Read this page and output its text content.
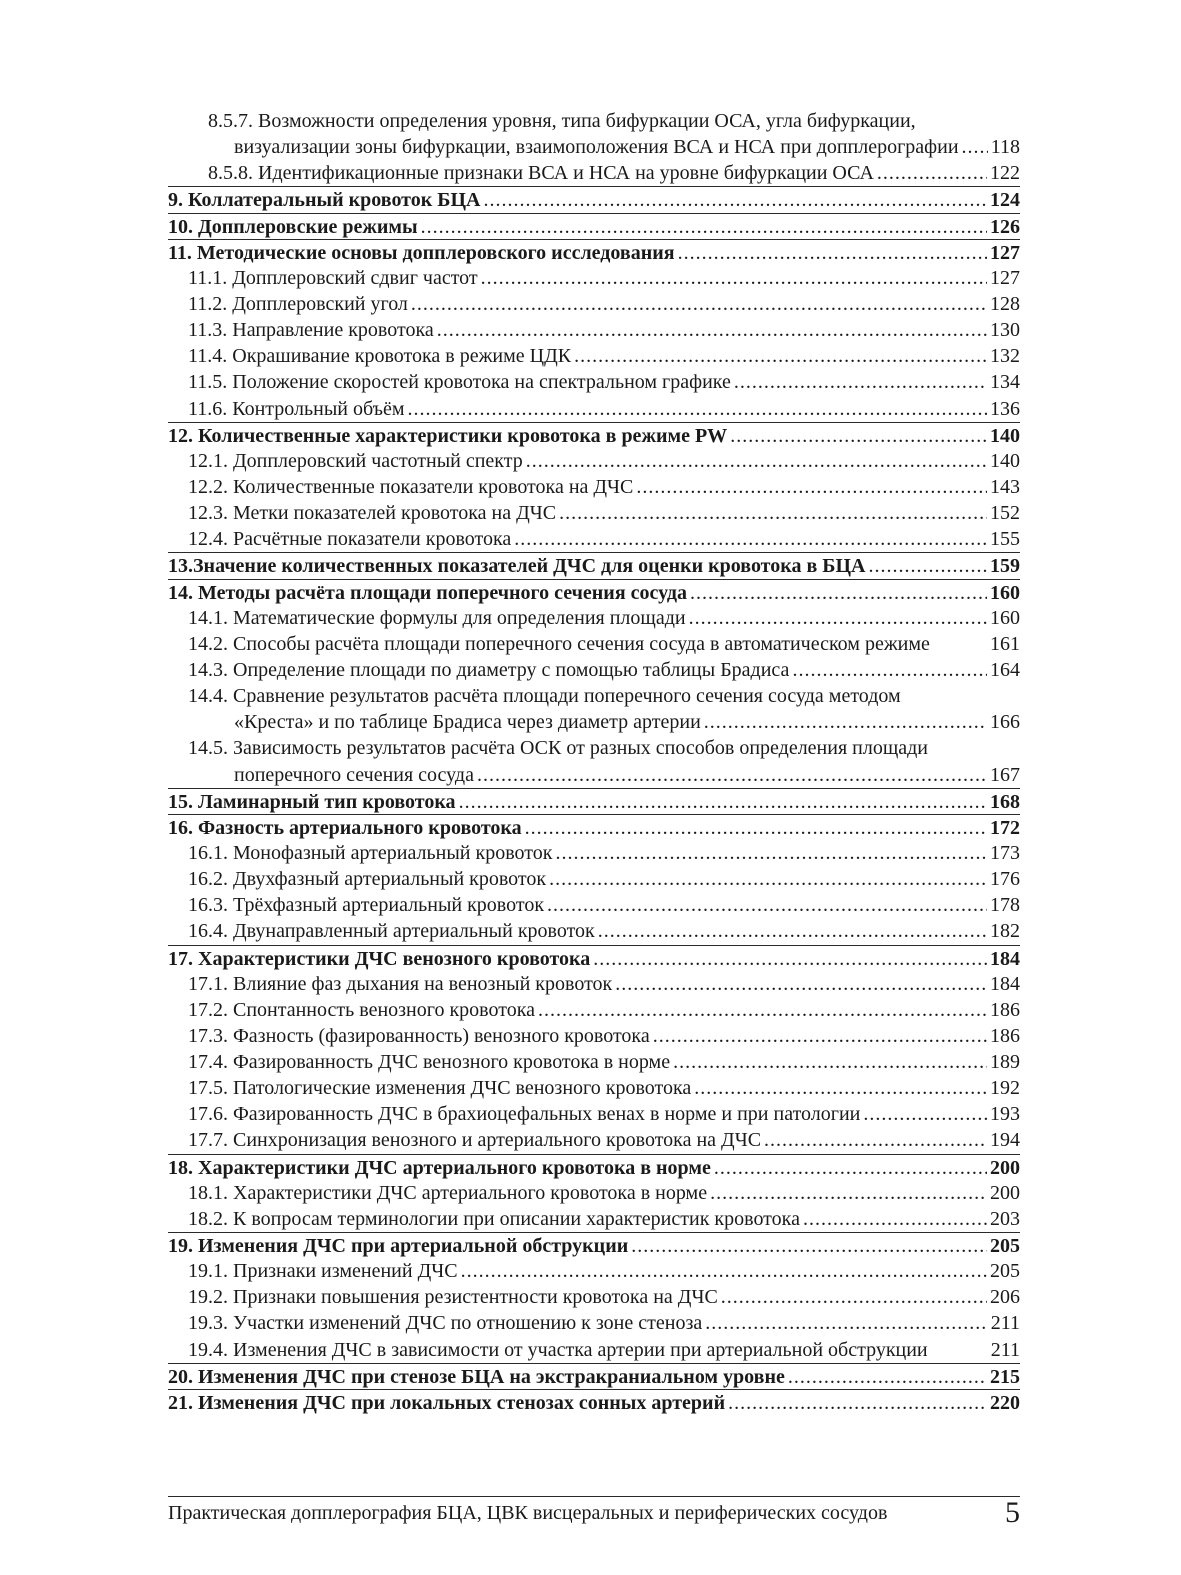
8.5.7. Возможности определения уровня, типа бифуркации ОСА, угла бифуркации,
визуализации зоны бифуркации, взаимоположения ВСА и НСА при допплерографии . . . 118
8.5.8. Идентификационные признаки ВСА и НСА на уровне бифуркации ОСА . . .	122
9. Коллатеральный кровоток БЦА . . .	124
10. Допплеровские режимы . . .	126
11. Методические основы допплеровского исследования . . .	127
11.1. Допплеровский сдвиг частот . . .	127
11.2. Допплеровский угол . . .	128
11.3. Направление кровотока . . .	130
11.4. Окрашивание кровотока в режиме ЦДК . . .	132
11.5. Положение скоростей кровотока на спектральном графике . . .	134
11.6. Контрольный объём . . .	136
12. Количественные характеристики кровотока в режиме PW . . .	140
12.1. Допплеровский частотный спектр . . .	140
12.2. Количественные показатели кровотока на ДЧС . . .	143
12.3. Метки показателей кровотока на ДЧС . . .	152
12.4. Расчётные показатели кровотока . . .	155
13.Значение количественных показателей ДЧС для оценки кровотока в БЦА . . .	159
14. Методы расчёта площади поперечного сечения сосуда . . .	160
14.1. Математические формулы для определения площади . . .	160
14.2. Способы расчёта площади поперечного сечения сосуда в автоматическом режиме	161
14.3. Определение площади по диаметру с помощью таблицы Брадиса . . .	164
14.4. Сравнение результатов расчёта площади поперечного сечения сосуда методом
«Креста» и по таблице Брадиса через диаметр артерии . . .	166
14.5. Зависимость результатов расчёта ОСК от разных способов определения площади
поперечного сечения сосуда . . .	167
15. Ламинарный тип кровотока . . .	168
16. Фазность артериального кровотока . . .	172
16.1. Монофазный артериальный кровоток . . .	173
16.2. Двухфазный артериальный кровоток . . .	176
16.3. Трёхфазный артериальный кровоток . . .	178
16.4. Двунаправленный артериальный кровоток . . .	182
17. Характеристики ДЧС венозного кровотока . . .	184
17.1. Влияние фаз дыхания на венозный кровоток . . .	184
17.2. Спонтанность венозного кровотока . . .	186
17.3. Фазность (фазированность) венозного кровотока . . .	186
17.4. Фазированность ДЧС венозного кровотока в норме . . .	189
17.5. Патологические изменения ДЧС венозного кровотока . . .	192
17.6. Фазированность ДЧС в брахиоцефальных венах в норме и при патологии . . .	193
17.7. Синхронизация венозного и артериального кровотока на ДЧС . . .	194
18. Характеристики ДЧС артериального кровотока в норме . . .	200
18.1. Характеристики ДЧС артериального кровотока в норме . . .	200
18.2. К вопросам терминологии при описании характеристик кровотока . . .	203
19. Изменения ДЧС при артериальной обструкции . . .	205
19.1. Признаки изменений ДЧС . . .	205
19.2. Признаки повышения резистентности кровотока на ДЧС . . .	206
19.3. Участки изменений ДЧС по отношению к зоне стеноза . . .	211
19.4. Изменения ДЧС в зависимости от участка артерии при артериальной обструкции	211
20. Изменения ДЧС при стенозе БЦА на экстракраниальном уровне . . .	215
21. Изменения ДЧС при локальных стенозах сонных артерий . . .	220
Практическая допплерография БЦА, ЦВК висцеральных и периферических сосудов	5
